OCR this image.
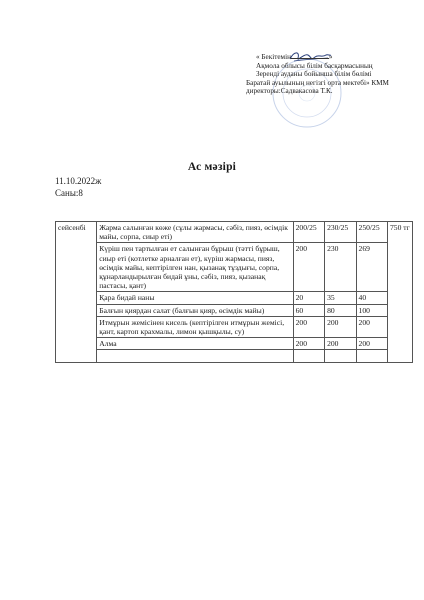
« Бекітемін	»
Ақмола облысы білім басқармасының
Зеренді ауданы бойынша білім бөлімі
Баратай ауылының негізгі орта мектебі» КММ
директоры:Садвакасова Т.К.
Ас мәзірі
11.10.2022ж
Саны:8
сейсенбі	Жарма салынған көже (сұлы жармасы, сәбіз, пияз, өсімдік майы, сорпа, сиыр еті)	200/25	230/25	250/25	750 тг
	Күріш пен тартылған ет салынған бұрыш (тәтті бұрыш, сиыр еті (котлетке арналған ет), күріш жармасы, пияз, өсімдік майы, кептірілген нан, қызанақ тұздығы, сорпа, құнарландырылған бидай ұны, сәбіз, пияз, қызанақ пастасы, қант)	200	230	269	
	Қара бидай наны	20	35	40	
	Балғын қиярдан салат (балғын қияр, өсімдік майы)	60	80	100	
	Итмұрын жемісінен кисель (кептірілген итмұрын жемісі, қант, картоп крахмалы, лимон қышқылы, су)	200	200	200	
	Алма	200	200	200	
